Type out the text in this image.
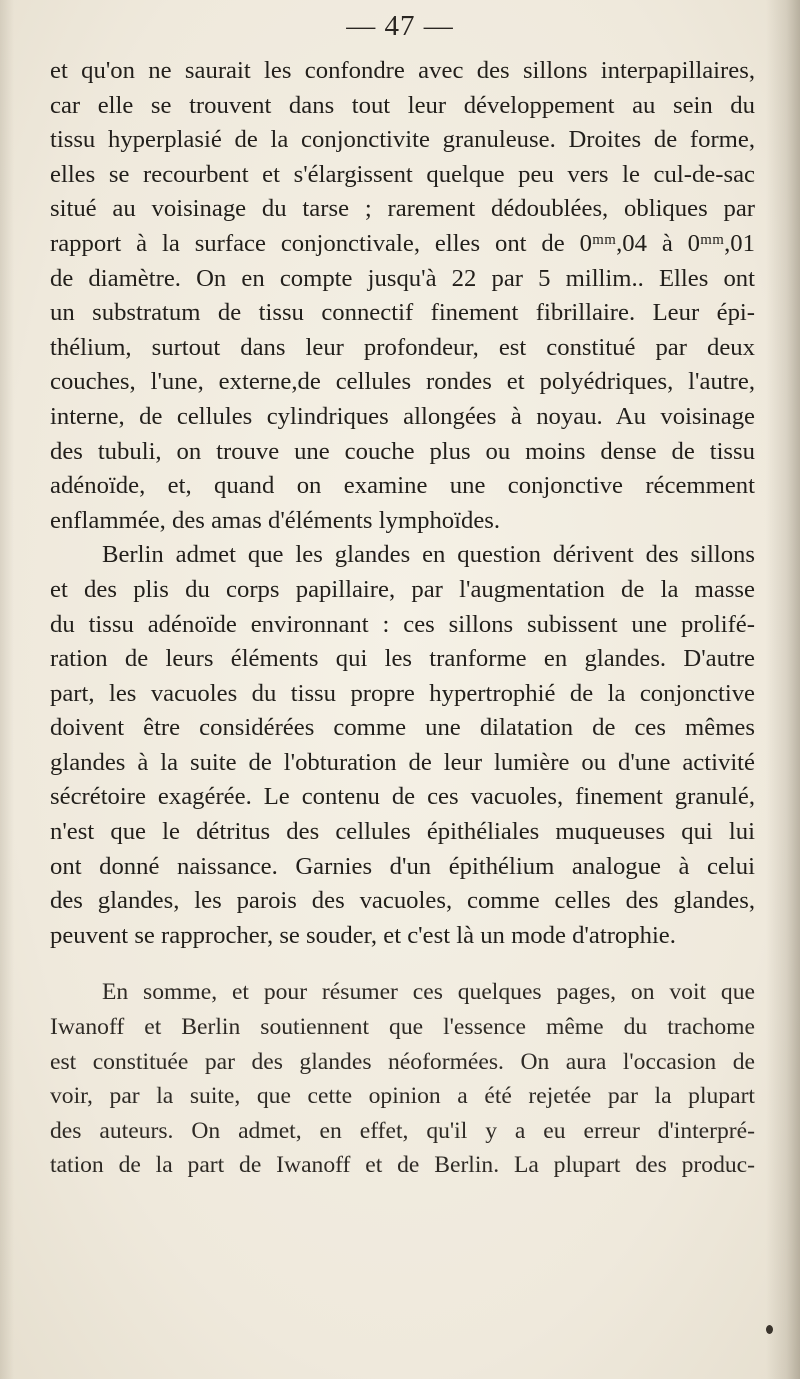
— 47 —
et qu'on ne saurait les confondre avec des sillons interpapillaires,
car elle se trouvent dans tout leur développement au sein du
tissu hyperplasié de la conjonctivite granuleuse. Droites de forme,
elles se recourbent et s'élargissent quelque peu vers le cul-de-sac
situé au voisinage du tarse ; rarement dédoublées, obliques par
rapport à la surface conjonctivale, elles ont de 0ᵐᵐ,04 à 0ᵐᵐ,01
de diamètre. On en compte jusqu'à 22 par 5 millim.. Elles ont
un substratum de tissu connectif finement fibrillaire. Leur épi-
thélium, surtout dans leur profondeur, est constitué par deux
couches, l'une, externe,de cellules rondes et polyédriques, l'autre,
interne, de cellules cylindriques allongées à noyau. Au voisinage
des tubuli, on trouve une couche plus ou moins dense de tissu
adénoïde, et, quand on examine une conjonctive récemment
enflammée, des amas d'éléments lymphoïdes.
Berlin admet que les glandes en question dérivent des sillons
et des plis du corps papillaire, par l'augmentation de la masse
du tissu adénoïde environnant : ces sillons subissent une prolifé-
ration de leurs éléments qui les tranforme en glandes. D'autre
part, les vacuoles du tissu propre hypertrophié de la conjonctive
doivent être considérées comme une dilatation de ces mêmes
glandes à la suite de l'obturation de leur lumière ou d'une activité
sécrétoire exagérée. Le contenu de ces vacuoles, finement granulé,
n'est que le détritus des cellules épithéliales muqueuses qui lui
ont donné naissance. Garnies d'un épithélium analogue à celui
des glandes, les parois des vacuoles, comme celles des glandes,
peuvent se rapprocher, se souder, et c'est là un mode d'atrophie.
En somme, et pour résumer ces quelques pages, on voit que
Iwanoff et Berlin soutiennent que l'essence même du trachome
est constituée par des glandes néoformées. On aura l'occasion de
voir, par la suite, que cette opinion a été rejetée par la plupart
des auteurs. On admet, en effet, qu'il y a eu erreur d'interpré-
tation de la part de Iwanoff et de Berlin. La plupart des produc-
